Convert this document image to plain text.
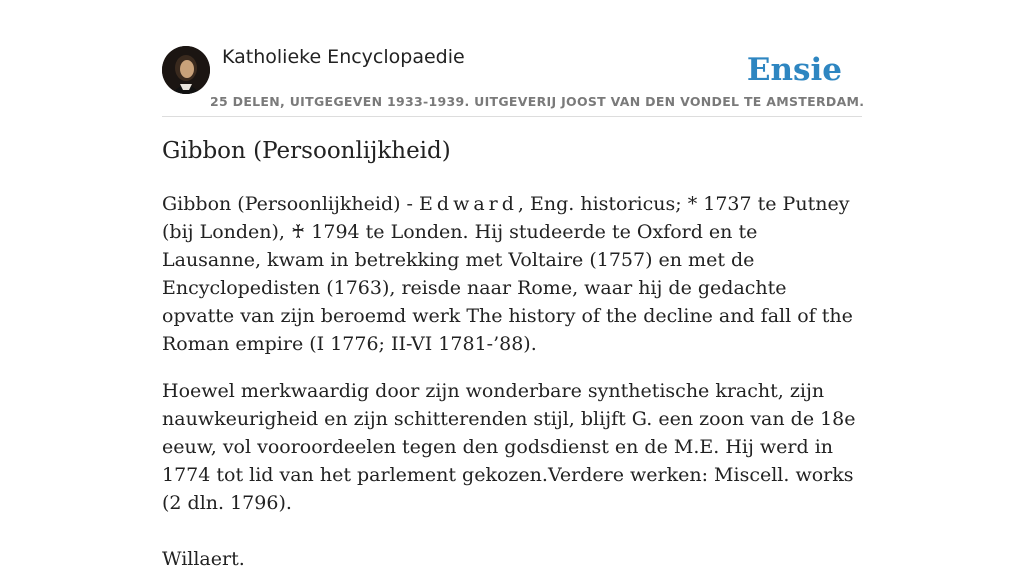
Katholieke Encyclopaedie	Ensie
25 DELEN, UITGEGEVEN 1933-1939. UITGEVERIJ JOOST VAN DEN VONDEL TE AMSTERDAM.
Gibbon (Persoonlijkheid)

Gibbon (Persoonlijkheid) - Edward, Eng. historicus; * 1737 te Putney (bij Londen), ♰ 1794 te Londen. Hij studeerde te Oxford en te Lausanne, kwam in betrekking met Voltaire (1757) en met de Encyclopedisten (1763), reisde naar Rome, waar hij de gedachte opvatte van zijn beroemd werk The history of the decline and fall of the Roman empire (I 1776; II-VI 1781-’88).

Hoewel merkwaardig door zijn wonderbare synthetische kracht, zijn nauwkeurigheid en zijn schitterenden stijl, blijft G. een zoon van de 18e eeuw, vol vooroordeelen tegen den godsdienst en de M.E. Hij werd in 1774 tot lid van het parlement gekozen.Verdere werken: Miscell. works (2 dln. 1796).

Willaert.
